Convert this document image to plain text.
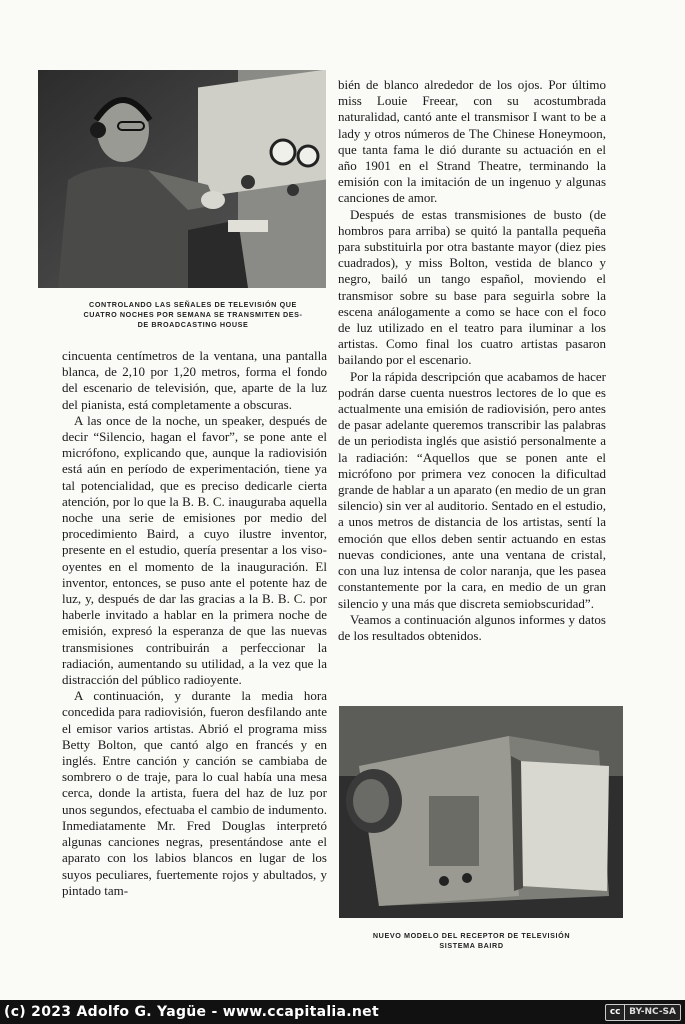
CONTROLANDO LAS SEÑALES DE TELEVISIÓN QUE
CUATRO NOCHES POR SEMANA SE TRANSMITEN DES-
DE BROADCASTING HOUSE

cincuenta centímetros de la ventana, una pantalla blanca, de 2,10 por 1,20 metros, forma el fondo del escenario de televisión, que, aparte de la luz del pianista, está completamente a obscuras.

A las once de la noche, un speaker, después de decir “Silencio, hagan el favor”, se pone ante el micrófono, explicando que, aunque la radiovisión está aún en período de experimentación, tiene ya tal potencialidad, que es preciso dedicarle cierta atención, por lo que la B. B. C. inauguraba aquella noche una serie de emisiones por medio del procedimiento Baird, a cuyo ilustre inventor, presente en el estudio, quería presentar a los viso-oyentes en el momento de la inauguración. El inventor, entonces, se puso ante el potente haz de luz, y, después de dar las gracias a la B. B. C. por haberle invitado a hablar en la primera noche de emisión, expresó la esperanza de que las nuevas transmisiones contribuirán a perfeccionar la radiación, aumentando su utilidad, a la vez que la distracción del público radioyente.

A continuación, y durante la media hora concedida para radiovisión, fueron desfilando ante el emisor varios artistas. Abrió el programa miss Betty Bolton, que cantó algo en francés y en inglés. Entre canción y canción se cambiaba de sombrero o de traje, para lo cual había una mesa cerca, donde la artista, fuera del haz de luz por unos segundos, efectuaba el cambio de indumento. Inmediatamente Mr. Fred Douglas interpretó algunas canciones negras, presentándose ante el aparato con los labios blancos en lugar de los suyos peculiares, fuertemente rojos y abultados, y pintado tam-

bién de blanco alrededor de los ojos. Por último miss Louie Freear, con su acostumbrada naturalidad, cantó ante el transmisor I want to be a lady y otros números de The Chinese Honeymoon, que tanta fama le dió durante su actuación en el año 1901 en el Strand Theatre, terminando la emisión con la imitación de un ingenuo y algunas canciones de amor.

Después de estas transmisiones de busto (de hombros para arriba) se quitó la pantalla pequeña para substituirla por otra bastante mayor (diez pies cuadrados), y miss Bolton, vestida de blanco y negro, bailó un tango español, moviendo el transmisor sobre su base para seguirla sobre la escena análogamente a como se hace con el foco de luz utilizado en el teatro para iluminar a los artistas. Como final los cuatro artistas pasaron bailando por el escenario.

Por la rápida descripción que acabamos de hacer podrán darse cuenta nuestros lectores de lo que es actualmente una emisión de radiovisión, pero antes de pasar adelante queremos transcribir las palabras de un periodista inglés que asistió personalmente a la radiación: “Aquellos que se ponen ante el micrófono por primera vez conocen la dificultad grande de hablar a un aparato (en medio de un gran silencio) sin ver al auditorio. Sentado en el estudio, a unos metros de distancia de los artistas, sentí la emoción que ellos deben sentir actuando en estas nuevas condiciones, ante una ventana de cristal, con una luz intensa de color naranja, que les pasea constantemente por la cara, en medio de un gran silencio y una más que discreta semiobscuridad”.

Veamos a continuación algunos informes y datos de los resultados obtenidos.

NUEVO MODELO DEL RECEPTOR DE TELEVISIÓN
SISTEMA BAIRD
(c) 2023 Adolfo G. Yagüe - www.ccapitalia.net	cc BY-NC-SA
